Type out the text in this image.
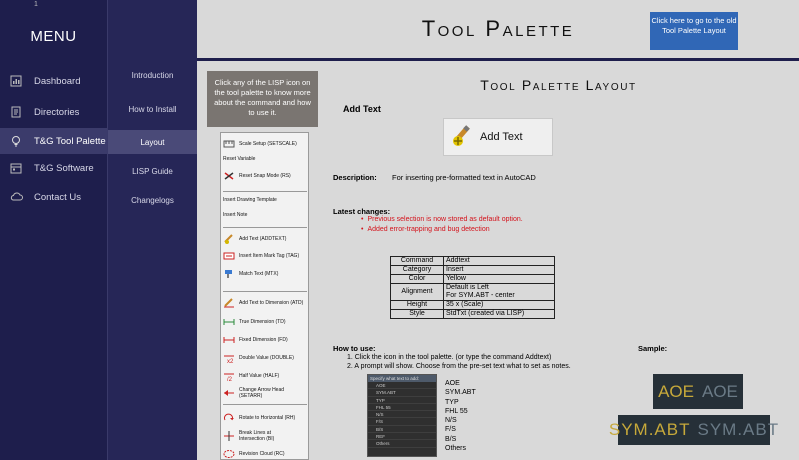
1
MENU
Dashboard
Directories
T&G Tool Palette
T&G Software
Contact Us
Introduction
How to Install
Layout
LISP Guide
Changelogs
Tool Palette	Click here to go to the old Tool Palette Layout
Click any of the LISP icon on the tool palette to know more about the command and how to use it.
Scale Setup (SETSCALE)
Reset Variable
Reset Snap Mode (RS)
Insert Drawing Template
Insert Note
Add Text (ADDTEXT)
Insert Item Mark Tag (TAG)
Match Text (MTX)
Add Text to Dimension (ATD)
True Dimension (TD)
Fixed Dimension (FD)
x2
Double Value (DOUBLE)
/2
Half Value (HALF)
Change Arrow Head (SETARR)
Rotate to Horizontal (RH)
Break Lines at Intersection (BI)
Revision Cloud (RC)
Tool Palette Layout
Add Text
Add Text
Description: For inserting pre-formatted text in AutoCAD
Latest changes:
• Previous selection is now stored as default option.
• Added error-trapping and bug detection
Command	Addtext
Category	Insert
Color	Yellow
Alignment	Default is Left
For SYM.ABT - center

Height	35 x (Scale)
Style	StdTxt (created via LISP)
How to use:
1. Click the icon in the tool palette. (or type the command Addtext)
2. A prompt will show. Choose from the pre-set text what to set as notes.
Sample:
Specify what text to add:
AOE
SYM.ABT
TYP
FHL 55
N/S
F/S
B/S
REF
Others
AOE
SYM.ABT
TYP
FHL 55
N/S
F/S
B/S
Others
AOE AOE
SYM.ABT SYM.ABT
